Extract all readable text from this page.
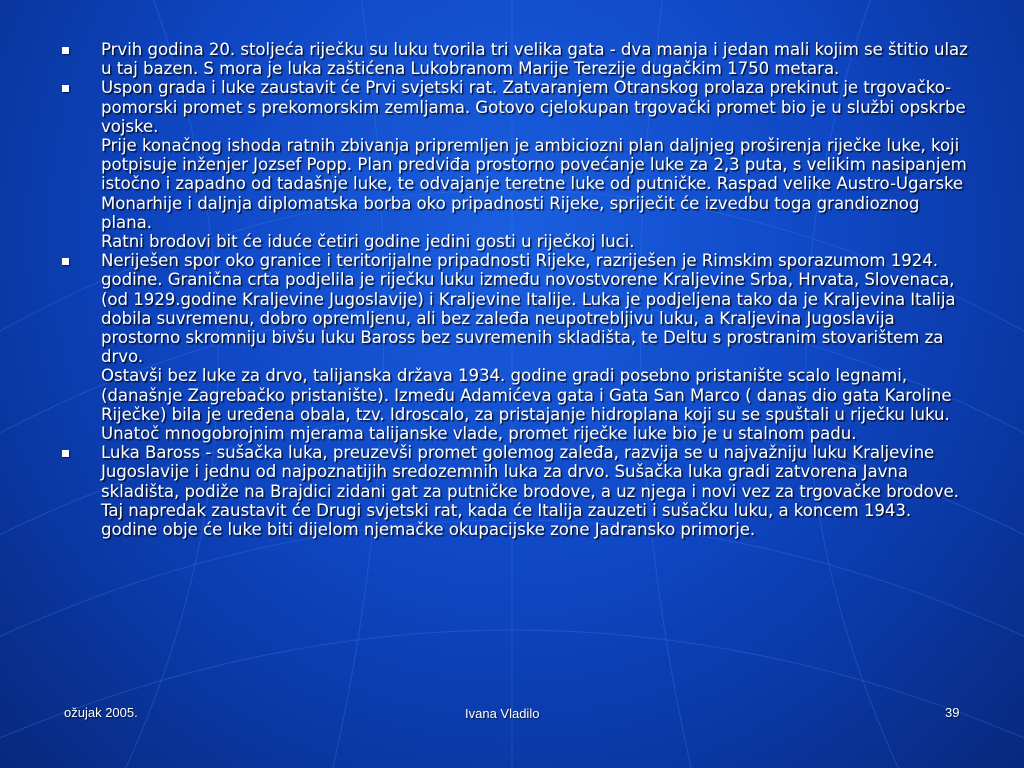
Prvih godina 20. stoljeća riječku su luku tvorila tri velika gata - dva manja i jedan mali kojim se štitio ulaz u taj bazen. S mora je luka zaštićena Lukobranom Marije Terezije dugačkim 1750 metara.
Uspon grada i luke zaustavit će Prvi svjetski rat. Zatvaranjem Otranskog prolaza prekinut je trgovačko-pomorski promet s prekomorskim zemljama. Gotovo cjelokupan trgovački promet bio je u službi opskrbe vojske.
Prije konačnog ishoda ratnih zbivanja pripremljen je ambiciozni plan daljnjeg proširenja riječke luke, koji potpisuje inženjer Jozsef Popp. Plan predviđa prostorno povećanje luke za 2,3 puta, s velikim nasipanjem istočno i zapadno od tadašnje luke, te odvajanje teretne luke od putničke. Raspad velike Austro-Ugarske Monarhije i daljnja diplomatska borba oko pripadnosti Rijeke, spriječit će izvedbu toga grandioznog plana.
Ratni brodovi bit će iduće četiri godine jedini gosti u riječkoj luci.
Neriješen spor oko granice i teritorijalne pripadnosti Rijeke, razriješen je Rimskim sporazumom 1924. godine. Granična crta podjelila je riječku luku između novostvorene Kraljevine Srba, Hrvata, Slovenaca, (od 1929.godine Kraljevine Jugoslavije) i Kraljevine Italije. Luka je podjeljena tako da je Kraljevina Italija dobila suvremenu, dobro opremljenu, ali bez zaleđa neupotrebljivu luku, a Kraljevina Jugoslavija prostorno skromniju bivšu luku Baross bez suvremenih skladišta, te Deltu s prostranim stovarištem za drvo.
Ostavši bez luke za drvo, talijanska država 1934. godine gradi posebno pristanište scalo legnami,(današnje Zagrebačko pristanište). Između Adamićeva gata i Gata San Marco ( danas dio gata Karoline Riječke) bila je uređena obala, tzv. Idroscalo, za pristajanje hidroplana koji su se spuštali u riječku luku.
Unatoč mnogobrojnim mjerama talijanske vlade, promet riječke luke bio je u stalnom padu.
Luka Baross - sušačka luka, preuzevši promet golemog zaleđa, razvija se u najvažniju luku Kraljevine Jugoslavije i jednu od najpoznatijih sredozemnih luka za drvo. Sušačka luka gradi zatvorena Javna skladišta, podiže na Brajdici zidani gat za putničke brodove, a uz njega i novi vez za trgovačke brodove. Taj napredak zaustavit će Drugi svjetski rat, kada će Italija zauzeti i sušačku luku, a koncem 1943. godine obje će luke biti dijelom njemačke okupacijske zone Jadransko primorje.
ožujak 2005.	Ivana Vladilo	39
